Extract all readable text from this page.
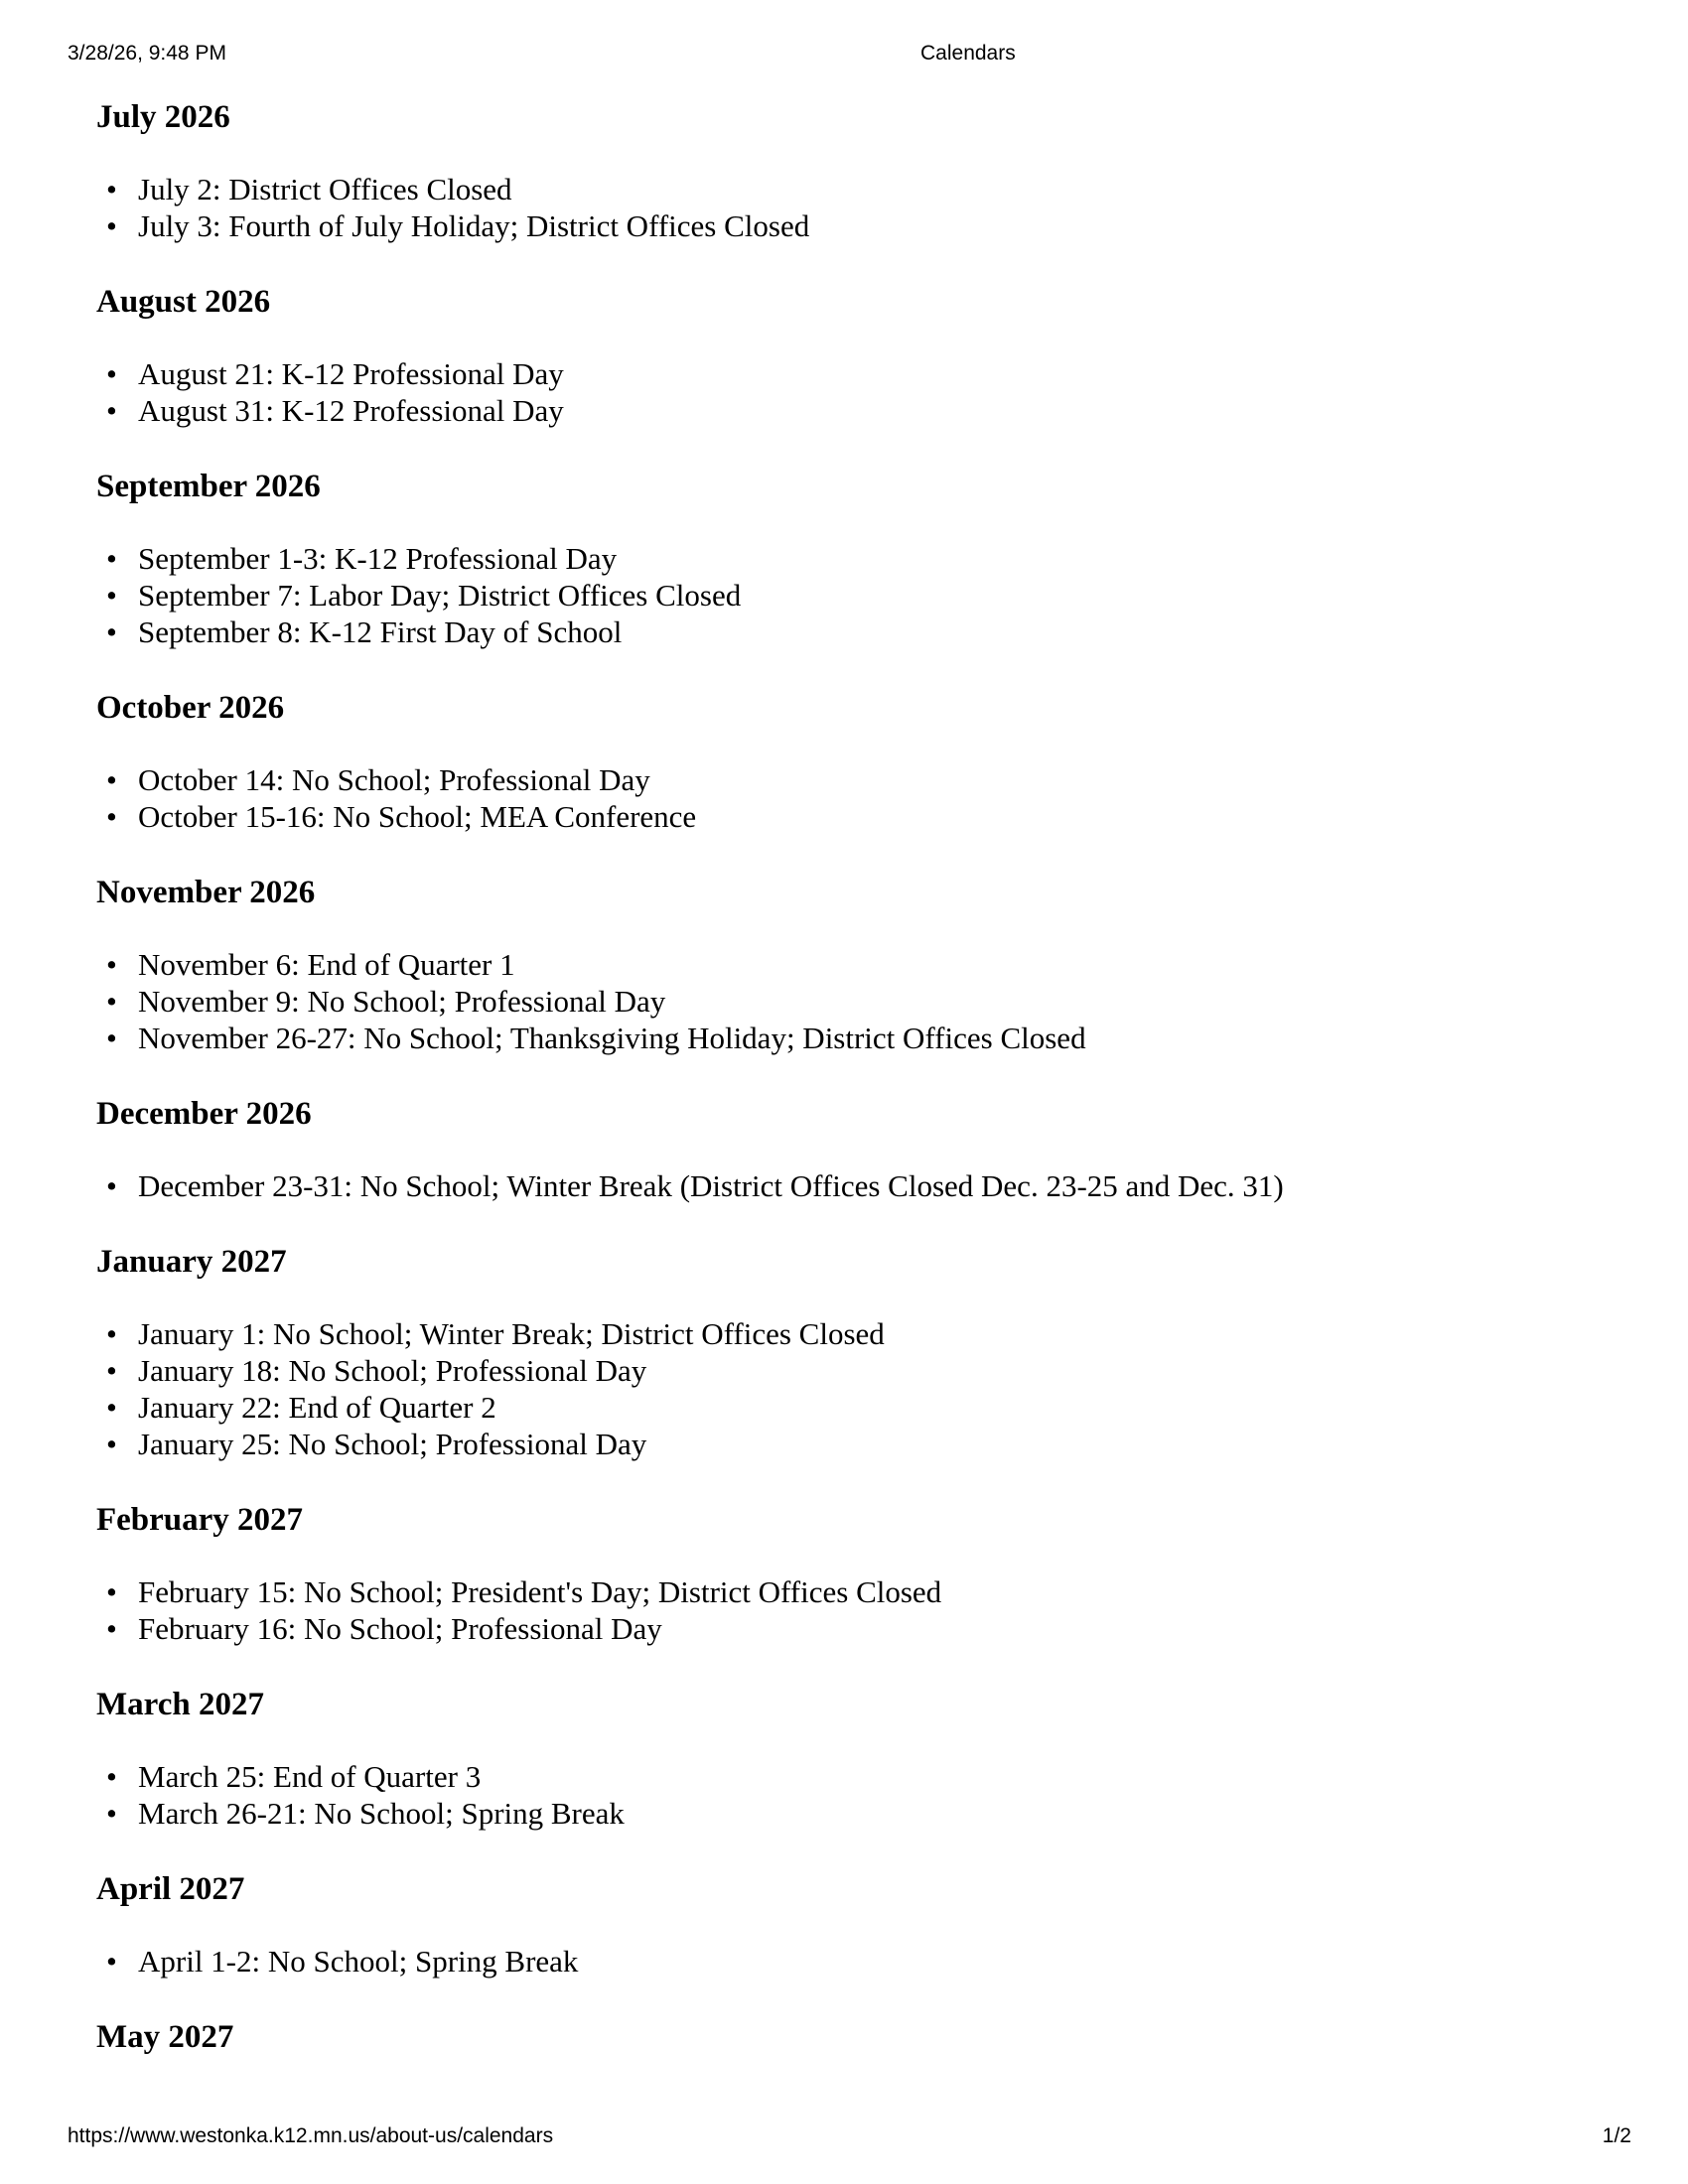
3/28/26, 9:48 PM	Calendars
July 2026
• July 2: District Offices Closed
• July 3: Fourth of July Holiday; District Offices Closed
August 2026
• August 21: K-12 Professional Day
• August 31: K-12 Professional Day
September 2026
• September 1-3: K-12 Professional Day
• September 7: Labor Day; District Offices Closed
• September 8: K-12 First Day of School
October 2026
• October 14: No School; Professional Day
• October 15-16: No School; MEA Conference
November 2026
• November 6: End of Quarter 1
• November 9: No School; Professional Day
• November 26-27: No School; Thanksgiving Holiday; District Offices Closed
December 2026
• December 23-31: No School; Winter Break (District Offices Closed Dec. 23-25 and Dec. 31)
January 2027
• January 1: No School; Winter Break; District Offices Closed
• January 18: No School; Professional Day
• January 22: End of Quarter 2
• January 25: No School; Professional Day
February 2027
• February 15: No School; President's Day; District Offices Closed
• February 16: No School; Professional Day
March 2027
• March 25: End of Quarter 3
• March 26-21: No School; Spring Break
April 2027
• April 1-2: No School; Spring Break
May 2027
https://www.westonka.k12.mn.us/about-us/calendars	1/2
